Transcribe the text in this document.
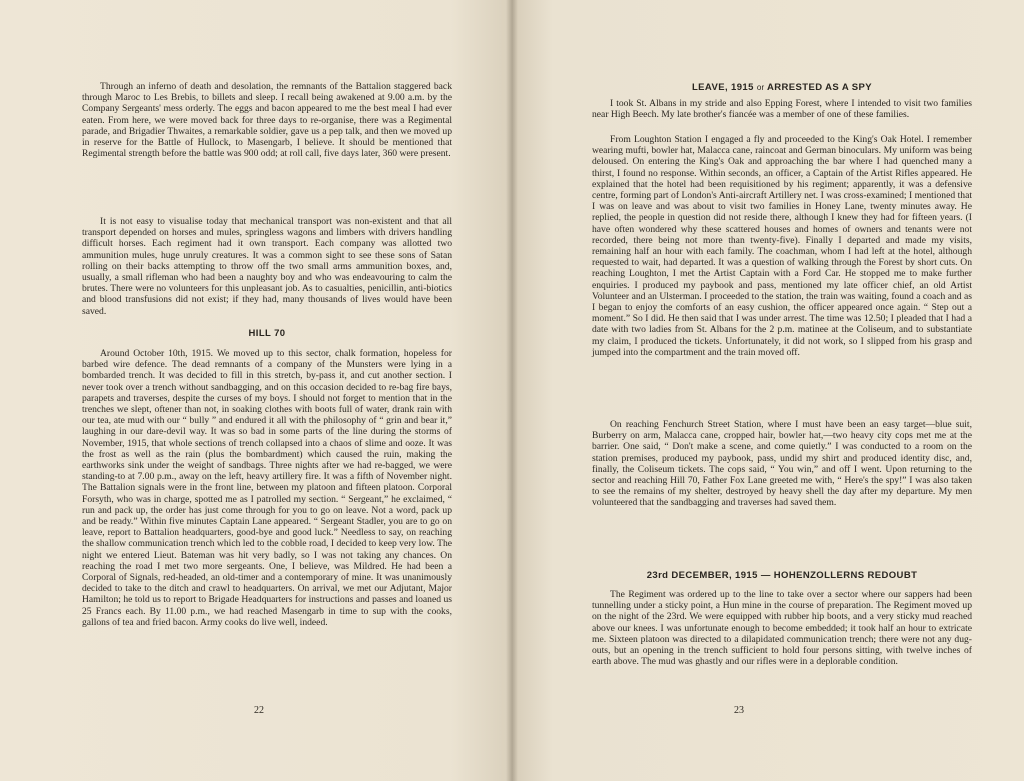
Through an inferno of death and desolation, the remnants of the Battalion staggered back through Maroc to Les Brebis, to billets and sleep. I recall being awakened at 9.00 a.m. by the Company Sergeants' mess orderly. The eggs and bacon appeared to me the best meal I had ever eaten. From here, we were moved back for three days to re-organise, there was a Regimental parade, and Brigadier Thwaites, a remarkable soldier, gave us a pep talk, and then we moved up in reserve for the Battle of Hullock, to Masengarb, I believe. It should be mentioned that Regimental strength before the battle was 900 odd; at roll call, five days later, 360 were present.

It is not easy to visualise today that mechanical transport was non-existent and that all transport depended on horses and mules, springless wagons and limbers with drivers handling difficult horses. Each regiment had it own transport. Each company was allotted two ammunition mules, huge unruly creatures. It was a common sight to see these sons of Satan rolling on their backs attempting to throw off the two small arms ammunition boxes, and, usually, a small rifleman who had been a naughty boy and who was endeavouring to calm the brutes. There were no volunteers for this unpleasant job. As to casualties, penicillin, anti-biotics and blood transfusions did not exist; if they had, many thousands of lives would have been saved.

HILL 70

Around October 10th, 1915. We moved up to this sector, chalk formation, hopeless for barbed wire defence. The dead remnants of a company of the Munsters were lying in a bombarded trench. It was decided to fill in this stretch, by-pass it, and cut another section. I never took over a trench without sandbagging, and on this occasion decided to re-bag fire bays, parapets and traverses, despite the curses of my boys. I should not forget to mention that in the trenches we slept, oftener than not, in soaking clothes with boots full of water, drank rain with our tea, ate mud with our “ bully ” and endured it all with the philosophy of “ grin and bear it,” laughing in our dare-devil way. It was so bad in some parts of the line during the storms of November, 1915, that whole sections of trench collapsed into a chaos of slime and ooze. It was the frost as well as the rain (plus the bombardment) which caused the ruin, making the earthworks sink under the weight of sandbags. Three nights after we had re-bagged, we were standing-to at 7.00 p.m., away on the left, heavy artillery fire. It was a fifth of November night. The Battalion signals were in the front line, between my platoon and fifteen platoon. Corporal Forsyth, who was in charge, spotted me as I patrolled my section. “ Sergeant,” he exclaimed, “ run and pack up, the order has just come through for you to go on leave. Not a word, pack up and be ready.” Within five minutes Captain Lane appeared. “ Sergeant Stadler, you are to go on leave, report to Battalion headquarters, good-bye and good luck.” Needless to say, on reaching the shallow communication trench which led to the cobble road, I decided to keep very low. The night we entered Lieut. Bateman was hit very badly, so I was not taking any chances. On reaching the road I met two more sergeants. One, I believe, was Mildred. He had been a Corporal of Signals, red-headed, an old-timer and a contemporary of mine. It was unanimously decided to take to the ditch and crawl to headquarters. On arrival, we met our Adjutant, Major Hamilton; he told us to report to Brigade Headquarters for instructions and passes and loaned us 25 Francs each. By 11.00 p.m., we had reached Masengarb in time to sup with the cooks, gallons of tea and fried bacon. Army cooks do live well, indeed.

22
LEAVE, 1915 or ARRESTED AS A SPY

I took St. Albans in my stride and also Epping Forest, where I intended to visit two families near High Beech. My late brother's fiancée was a member of one of these families.

From Loughton Station I engaged a fly and proceeded to the King's Oak Hotel. I remember wearing mufti, bowler hat, Malacca cane, raincoat and German binoculars. My uniform was being deloused. On entering the King's Oak and approaching the bar where I had quenched many a thirst, I found no response. Within seconds, an officer, a Captain of the Artist Rifles appeared. He explained that the hotel had been requisitioned by his regiment; apparently, it was a defensive centre, forming part of London's Anti-aircraft Artillery net. I was cross-examined; I mentioned that I was on leave and was about to visit two families in Honey Lane, twenty minutes away. He replied, the people in question did not reside there, although I knew they had for fifteen years. (I have often wondered why these scattered houses and homes of owners and tenants were not recorded, there being not more than twenty-five). Finally I departed and made my visits, remaining half an hour with each family. The coachman, whom I had left at the hotel, although requested to wait, had departed. It was a question of walking through the Forest by short cuts. On reaching Loughton, I met the Artist Captain with a Ford Car. He stopped me to make further enquiries. I produced my paybook and pass, mentioned my late officer chief, an old Artist Volunteer and an Ulsterman. I proceeded to the station, the train was waiting, found a coach and as I began to enjoy the comforts of an easy cushion, the officer appeared once again. “ Step out a moment.” So I did. He then said that I was under arrest. The time was 12.50; I pleaded that I had a date with two ladies from St. Albans for the 2 p.m. matinee at the Coliseum, and to substantiate my claim, I produced the tickets. Unfortunately, it did not work, so I slipped from his grasp and jumped into the compartment and the train moved off.

On reaching Fenchurch Street Station, where I must have been an easy target—blue suit, Burberry on arm, Malacca cane, cropped hair, bowler hat,—two heavy city cops met me at the barrier. One said, “ Don't make a scene, and come quietly.” I was conducted to a room on the station premises, produced my paybook, pass, undid my shirt and produced identity disc, and, finally, the Coliseum tickets. The cops said, “ You win,” and off I went. Upon returning to the sector and reaching Hill 70, Father Fox Lane greeted me with, “ Here's the spy!” I was also taken to see the remains of my shelter, destroyed by heavy shell the day after my departure. My men volunteered that the sandbagging and traverses had saved them.

23rd DECEMBER, 1915 — HOHENZOLLERNS REDOUBT

The Regiment was ordered up to the line to take over a sector where our sappers had been tunnelling under a sticky point, a Hun mine in the course of preparation. The Regiment moved up on the night of the 23rd. We were equipped with rubber hip boots, and a very sticky mud reached above our knees. I was unfortunate enough to become embedded; it took half an hour to extricate me. Sixteen platoon was directed to a dilapidated communication trench; there were not any dug-outs, but an opening in the trench sufficient to hold four persons sitting, with twelve inches of earth above. The mud was ghastly and our rifles were in a deplorable condition.

23
